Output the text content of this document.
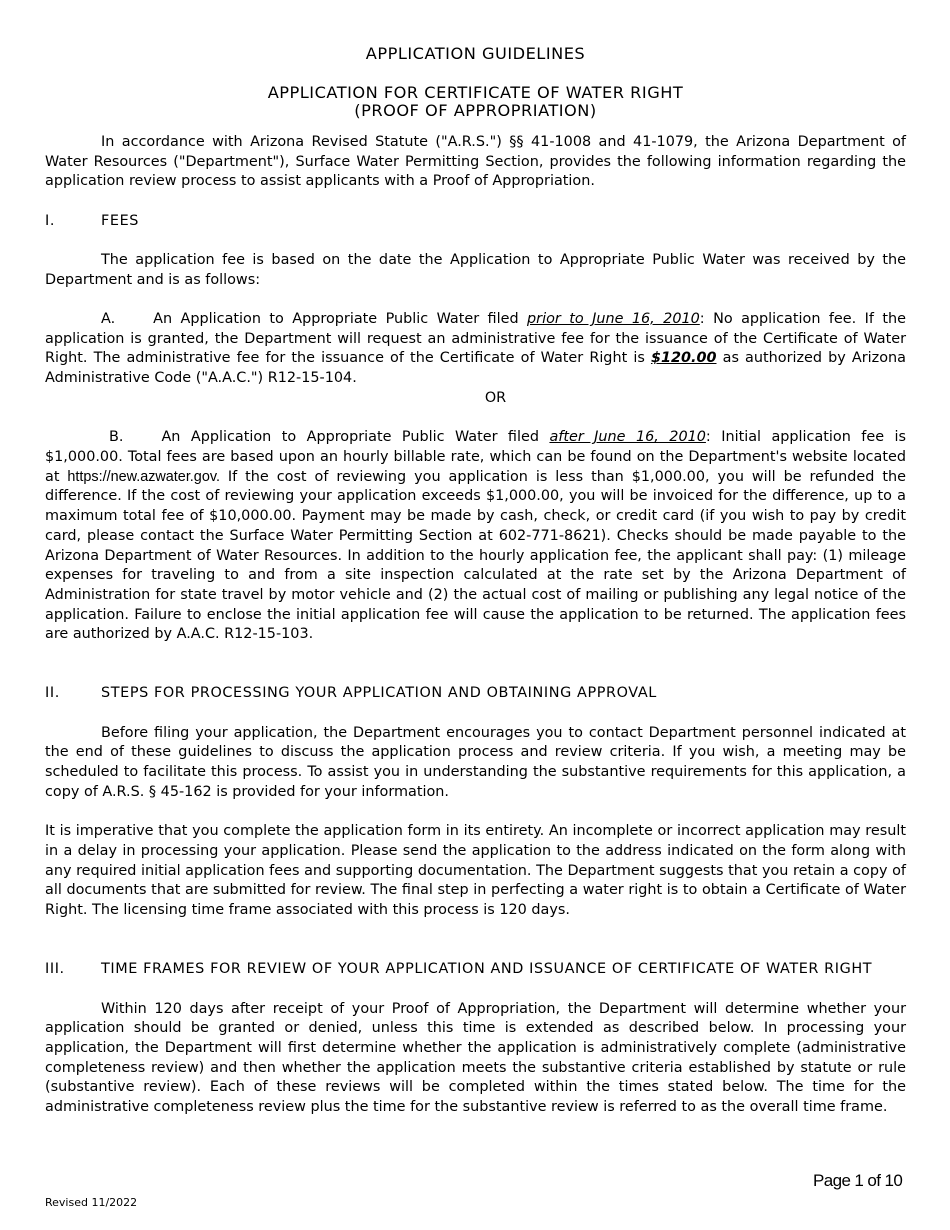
APPLICATION GUIDELINES
APPLICATION FOR CERTIFICATE OF WATER RIGHT
(PROOF OF APPROPRIATION)
In accordance with Arizona Revised Statute ("A.R.S.") §§ 41-1008 and 41-1079, the Arizona Department of Water Resources ("Department"), Surface Water Permitting Section, provides the following information regarding the application review process to assist applicants with a Proof of Appropriation.
I.	FEES
The application fee is based on the date the Application to Appropriate Public Water was received by the Department and is as follows:
A.	An Application to Appropriate Public Water filed prior to June 16, 2010: No application fee. If the application is granted, the Department will request an administrative fee for the issuance of the Certificate of Water Right. The administrative fee for the issuance of the Certificate of Water Right is $120.00 as authorized by Arizona Administrative Code ("A.A.C.") R12-15-104.
OR
B.	An Application to Appropriate Public Water filed after June 16, 2010: Initial application fee is $1,000.00. Total fees are based upon an hourly billable rate, which can be found on the Department's website located at https://new.azwater.gov. If the cost of reviewing you application is less than $1,000.00, you will be refunded the difference. If the cost of reviewing your application exceeds $1,000.00, you will be invoiced for the difference, up to a maximum total fee of $10,000.00. Payment may be made by cash, check, or credit card (if you wish to pay by credit card, please contact the Surface Water Permitting Section at 602-771-8621). Checks should be made payable to the Arizona Department of Water Resources. In addition to the hourly application fee, the applicant shall pay: (1) mileage expenses for traveling to and from a site inspection calculated at the rate set by the Arizona Department of Administration for state travel by motor vehicle and (2) the actual cost of mailing or publishing any legal notice of the application. Failure to enclose the initial application fee will cause the application to be returned. The application fees are authorized by A.A.C. R12-15-103.
II.	STEPS FOR PROCESSING YOUR APPLICATION AND OBTAINING APPROVAL
Before filing your application, the Department encourages you to contact Department personnel indicated at the end of these guidelines to discuss the application process and review criteria. If you wish, a meeting may be scheduled to facilitate this process. To assist you in understanding the substantive requirements for this application, a copy of A.R.S. § 45-162 is provided for your information.
It is imperative that you complete the application form in its entirety. An incomplete or incorrect application may result in a delay in processing your application. Please send the application to the address indicated on the form along with any required initial application fees and supporting documentation. The Department suggests that you retain a copy of all documents that are submitted for review. The final step in perfecting a water right is to obtain a Certificate of Water Right. The licensing time frame associated with this process is 120 days.
III.	TIME FRAMES FOR REVIEW OF YOUR APPLICATION AND ISSUANCE OF CERTIFICATE OF WATER RIGHT
Within 120 days after receipt of your Proof of Appropriation, the Department will determine whether your application should be granted or denied, unless this time is extended as described below. In processing your application, the Department will first determine whether the application is administratively complete (administrative completeness review) and then whether the application meets the substantive criteria established by statute or rule (substantive review). Each of these reviews will be completed within the times stated below. The time for the administrative completeness review plus the time for the substantive review is referred to as the overall time frame.
Revised 11/2022
Page 1 of 10
